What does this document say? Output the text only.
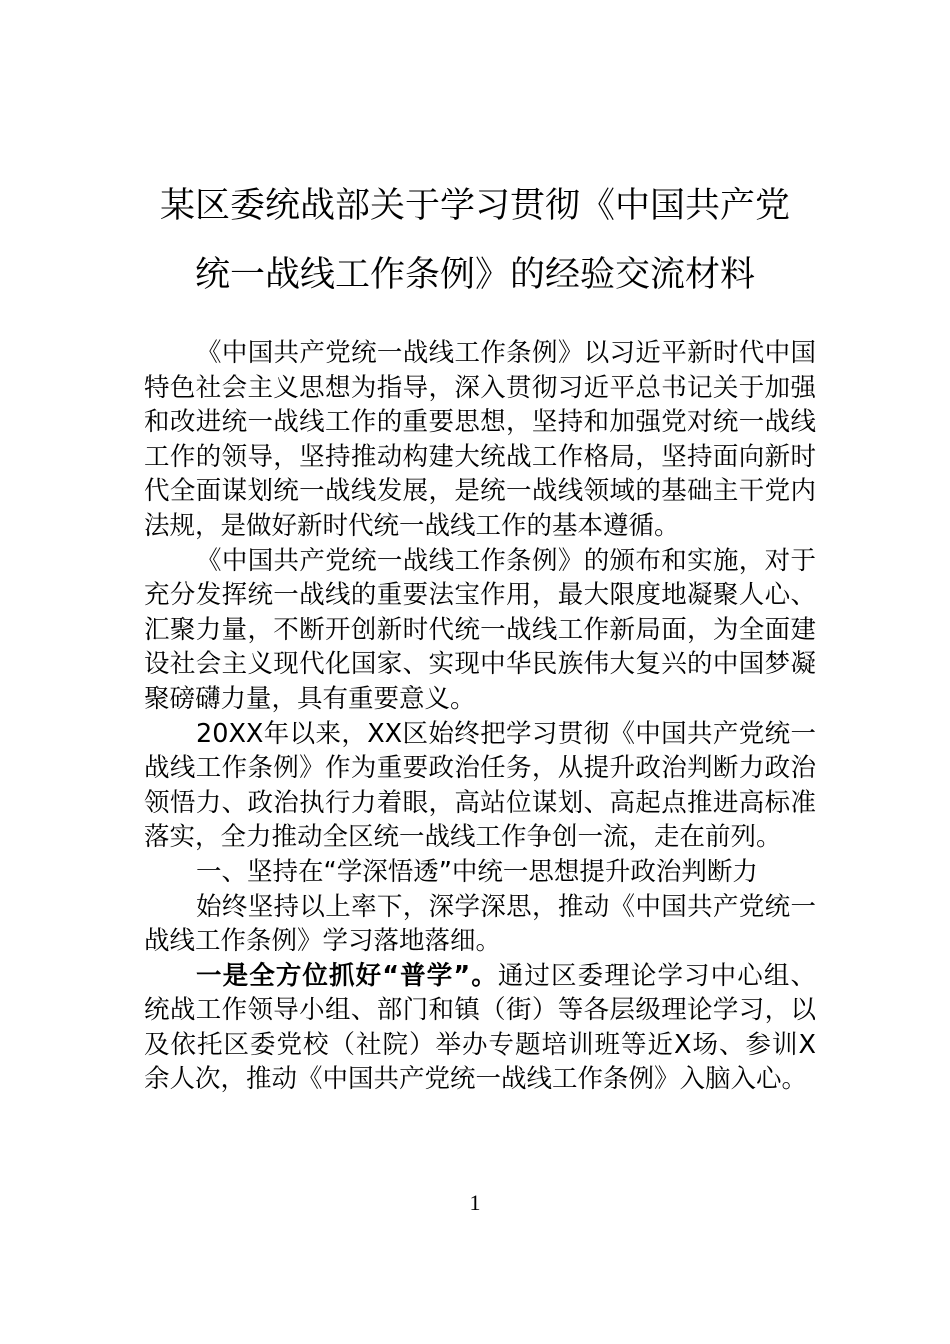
某区委统战部关于学习贯彻《中国共产党
统一战线工作条例》的经验交流材料

《中国共产党统一战线工作条例》以习近平新时代中国特色社会主义思想为指导，深入贯彻习近平总书记关于加强和改进统一战线工作的重要思想，坚持和加强党对统一战线工作的领导，坚持推动构建大统战工作格局，坚持面向新时代全面谋划统一战线发展，是统一战线领域的基础主干党内法规，是做好新时代统一战线工作的基本遵循。

《中国共产党统一战线工作条例》的颁布和实施，对于充分发挥统一战线的重要法宝作用，最大限度地凝聚人心、汇聚力量，不断开创新时代统一战线工作新局面，为全面建设社会主义现代化国家、实现中华民族伟大复兴的中国梦凝聚磅礴力量，具有重要意义。

20XX年以来，XX区始终把学习贯彻《中国共产党统一战线工作条例》作为重要政治任务，从提升政治判断力政治领悟力、政治执行力着眼，高站位谋划、高起点推进高标准落实，全力推动全区统一战线工作争创一流，走在前列。

一、坚持在“学深悟透”中统一思想提升政治判断力

始终坚持以上率下，深学深思，推动《中国共产党统一战线工作条例》学习落地落细。

一是全方位抓好“普学”。通过区委理论学习中心组、统战工作领导小组、部门和镇（街）等各层级理论学习，以及依托区委党校（社院）举办专题培训班等近X场、参训X余人次，推动《中国共产党统一战线工作条例》入脑入心。

1
